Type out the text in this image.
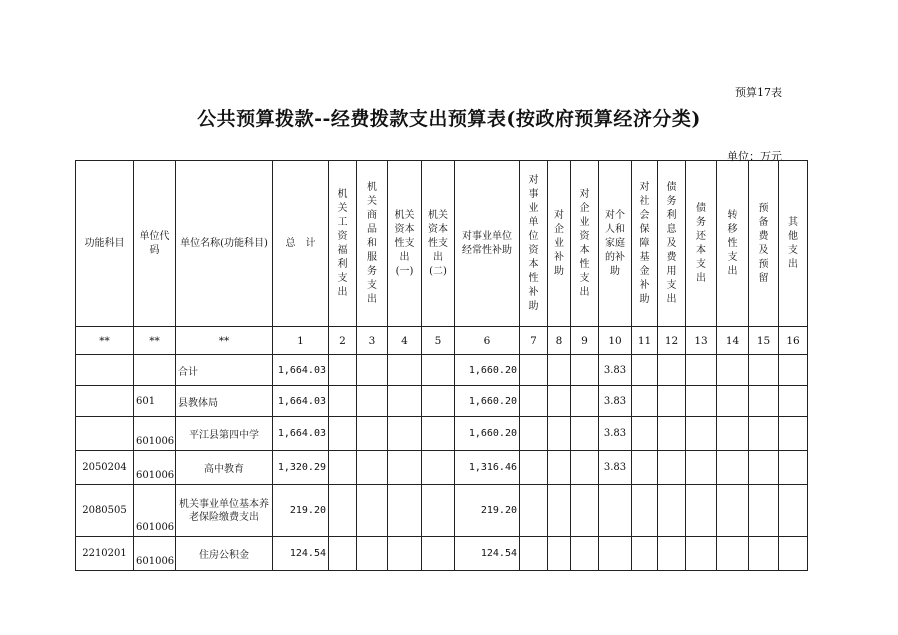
预算17表
公共预算拨款--经费拨款支出预算表(按政府预算经济分类)
单位：万元
功能科目	单位代码	单位名称(功能科目)	总　计	机关工资福利支出	机关商品和服务支出	机关资本性支出(一)	机关资本性支出(二)	对事业单位经常性补助	对事业单位资本性补助	对企业补助	对企业资本性支出	对个人和家庭的补助	对社会保障基金补助	债务利息及费用支出	债务还本支出	转移性支出	预备费及预留	其他支出
**	**	**	1	2	3	4	5	6	7	8	9	10	11	12	13	14	15	16
		合计	1,664.03					1,660.20				3.83						
	601	县教体局	1,664.03					1,660.20				3.83						
	601006	平江县第四中学	1,664.03					1,660.20				3.83						
2050204	601006	高中教育	1,320.29					1,316.46				3.83						
2080505	601006	机关事业单位基本养老保险缴费支出	219.20					219.20										
2210201	601006	住房公积金	124.54					124.54										
